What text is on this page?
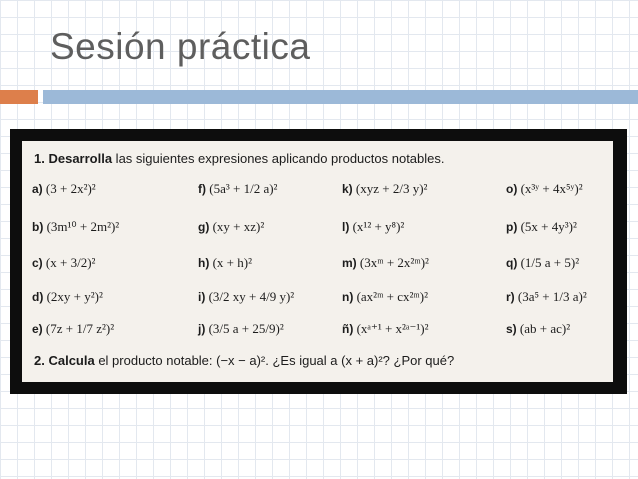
Sesión práctica
1. Desarrolla las siguientes expresiones aplicando productos notables.
a) (3 + 2x²)²
b) (3m¹⁰ + 2m²)²
c) (x + 3/2)²
d) (2xy + y²)²
e) (7z + 1/7 z²)²
f) (5a³ + 1/2 a)²
g) (xy + xz)²
h) (x + h)²
i) (3/2 xy + 4/9 y)²
j) (3/5 a + 25/9)²
k) (xyz + 2/3 y)²
l) (x¹² + y⁸)²
m) (3xᵐ + 2x²ᵐ)²
n) (ax²ᵐ + cx²ᵐ)²
ñ) (xᵃ⁺¹ + x²ᵃ⁻¹)²
o) (x³ʸ + 4x⁵ʸ)²
p) (5x + 4y³)²
q) (1/5 a + 5)²
r) (3a⁵ + 1/3 a)²
s) (ab + ac)²
2. Calcula el producto notable: (−x − a)². ¿Es igual a (x + a)²? ¿Por qué?
